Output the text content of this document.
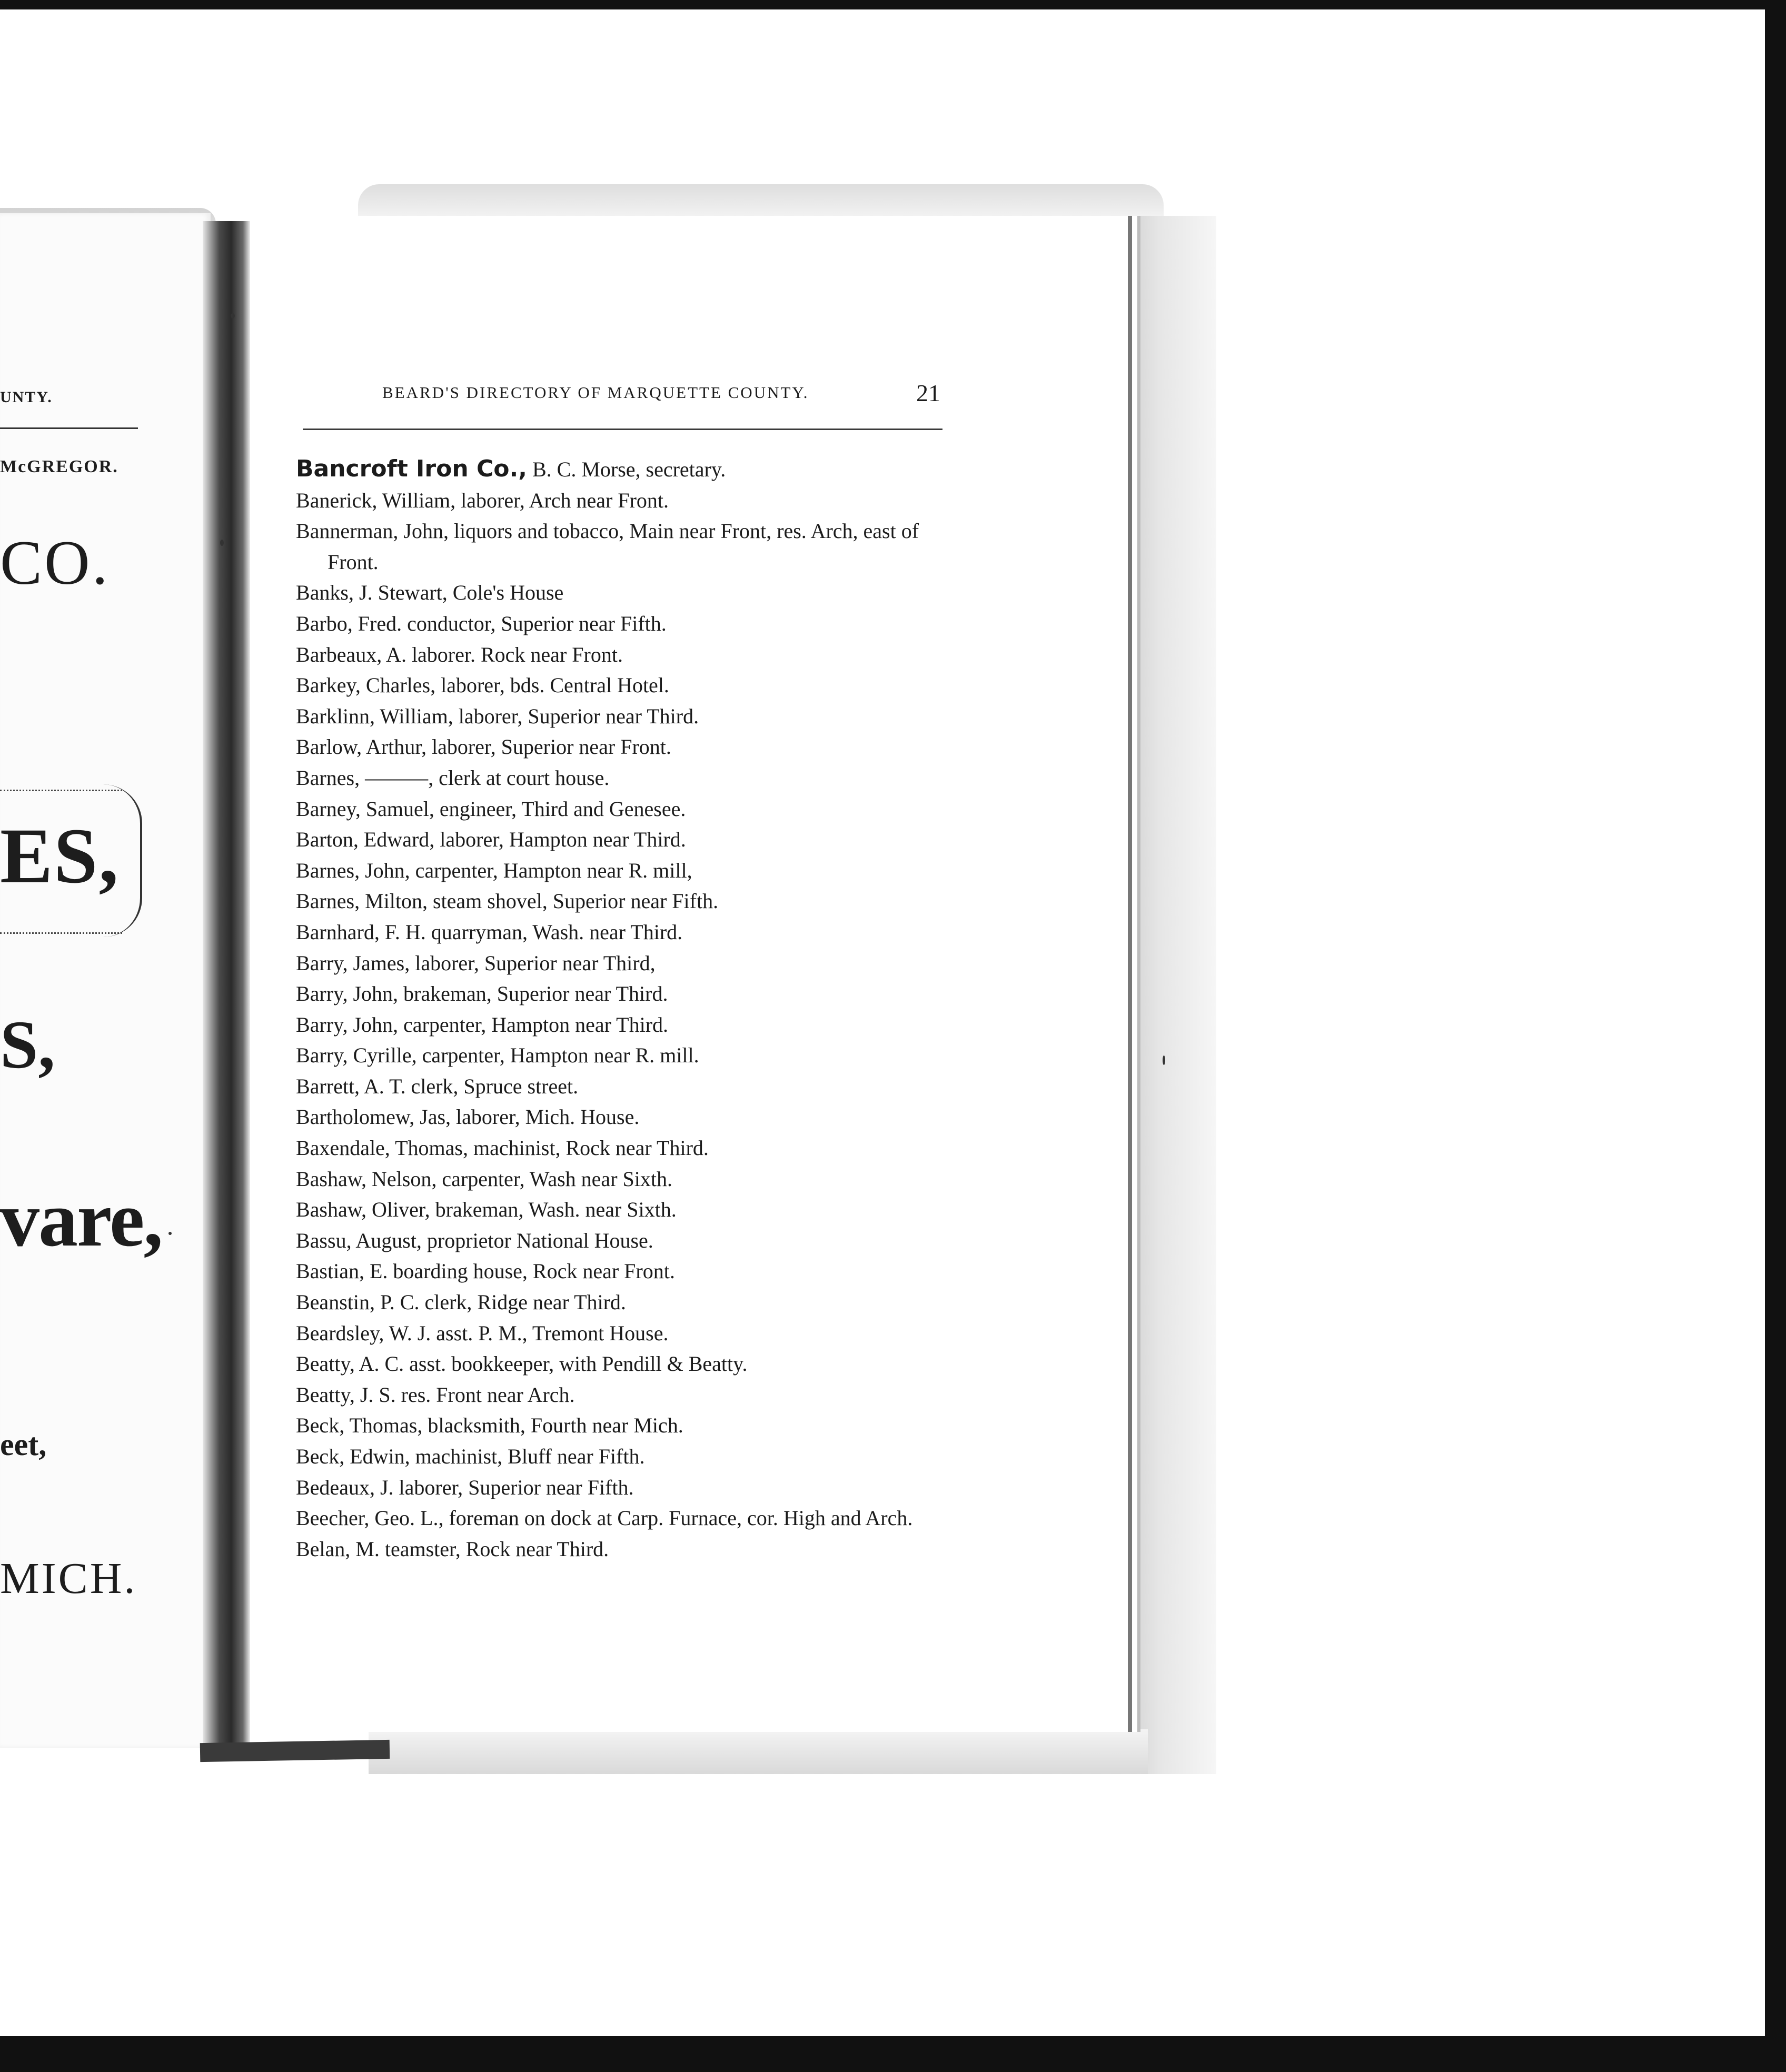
UNTY.
McGREGOR.
CO.
ES,
S,
vare,
eet,
MICH.
BEARD'S DIRECTORY OF MARQUETTE COUNTY.	21
Bancroft Iron Co., B. C. Morse, secretary.
Banerick, William, laborer, Arch near Front.
Bannerman, John, liquors and tobacco, Main near Front, res. Arch, east of Front.
Banks, J. Stewart, Cole's House
Barbo, Fred. conductor, Superior near Fifth.
Barbeaux, A. laborer. Rock near Front.
Barkey, Charles, laborer, bds. Central Hotel.
Barklinn, William, laborer, Superior near Third.
Barlow, Arthur, laborer, Superior near Front.
Barnes, ———, clerk at court house.
Barney, Samuel, engineer, Third and Genesee.
Barton, Edward, laborer, Hampton near Third.
Barnes, John, carpenter, Hampton near R. mill,
Barnes, Milton, steam shovel, Superior near Fifth.
Barnhard, F. H. quarryman, Wash. near Third.
Barry, James, laborer, Superior near Third,
Barry, John, brakeman, Superior near Third.
Barry, John, carpenter, Hampton near Third.
Barry, Cyrille, carpenter, Hampton near R. mill.
Barrett, A. T. clerk, Spruce street.
Bartholomew, Jas, laborer, Mich. House.
Baxendale, Thomas, machinist, Rock near Third.
Bashaw, Nelson, carpenter, Wash near Sixth.
Bashaw, Oliver, brakeman, Wash. near Sixth.
Bassu, August, proprietor National House.
Bastian, E. boarding house, Rock near Front.
Beanstin, P. C. clerk, Ridge near Third.
Beardsley, W. J. asst. P. M., Tremont House.
Beatty, A. C. asst. bookkeeper, with Pendill & Beatty.
Beatty, J. S. res. Front near Arch.
Beck, Thomas, blacksmith, Fourth near Mich.
Beck, Edwin, machinist, Bluff near Fifth.
Bedeaux, J. laborer, Superior near Fifth.
Beecher, Geo. L., foreman on dock at Carp. Furnace, cor. High and Arch.
Belan, M. teamster, Rock near Third.
